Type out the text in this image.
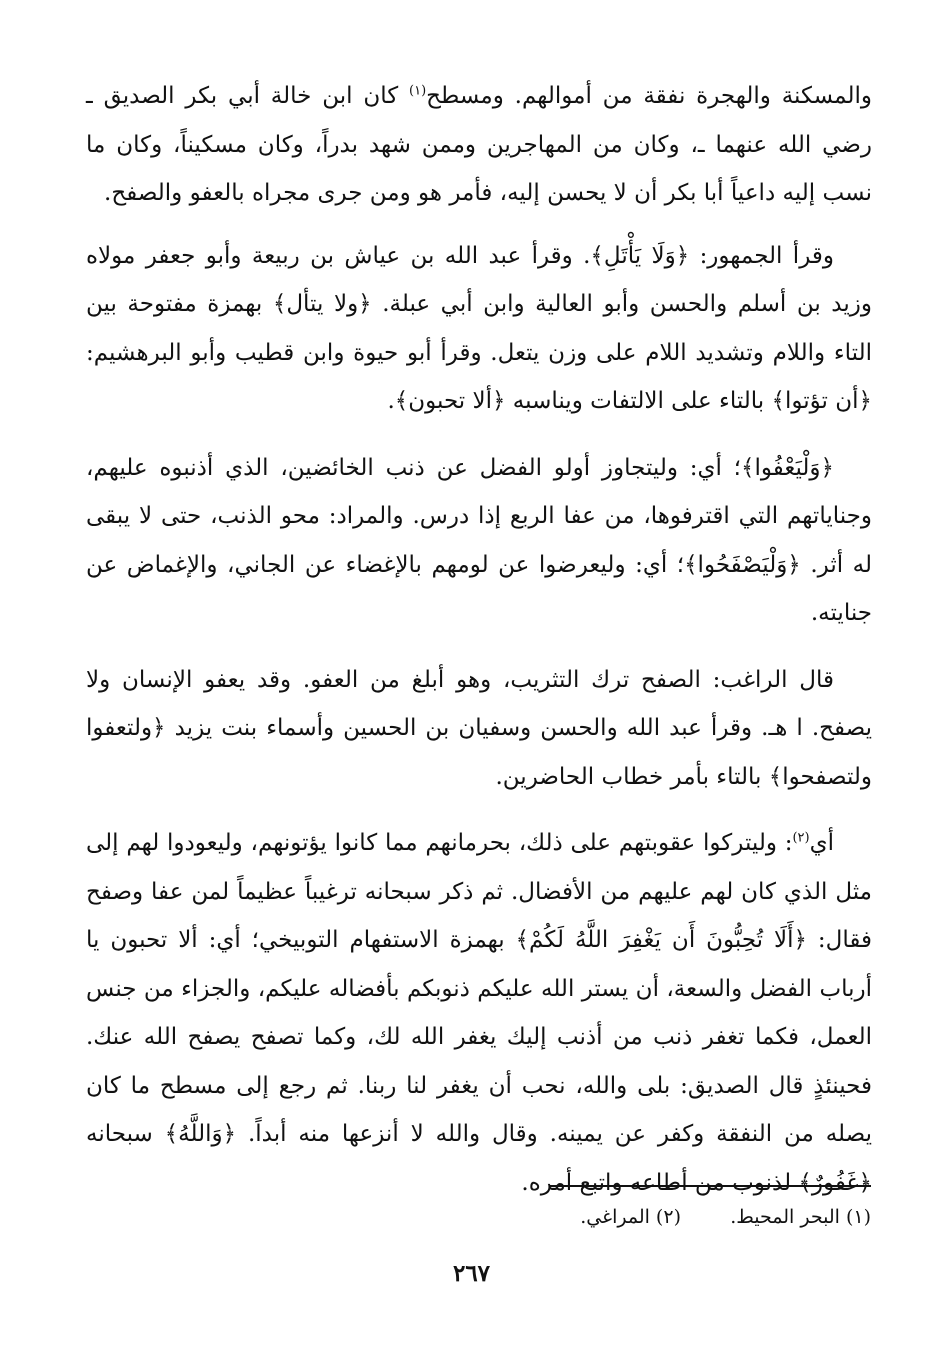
والمسكنة والهجرة نفقة من أموالهم. ومسطح$^{(١)}$ كان ابن خالة أبي بكر الصديق ـ رضي الله عنهما ـ، وكان من المهاجرين وممن شهد بدراً، وكان مسكيناً، وكان ما نسب إليه داعياً أبا بكر أن لا يحسن إليه، فأمر هو ومن جرى مجراه بالعفو والصفح.

وقرأ الجمهور: ﴿وَلَا يَأْتَلِ﴾. وقرأ عبد الله بن عياش بن ربيعة وأبو جعفر مولاه وزيد بن أسلم والحسن وأبو العالية وابن أبي عبلة. ﴿ولا يتأل﴾ بهمزة مفتوحة بين التاء واللام وتشديد اللام على وزن يتعل. وقرأ أبو حيوة وابن قطيب وأبو البرهشيم: ﴿أن تؤتوا﴾ بالتاء على الالتفات ويناسبه ﴿ألا تحبون﴾.

﴿وَلْيَعْفُوا﴾؛ أي: وليتجاوز أولو الفضل عن ذنب الخائضين، الذي أذنبوه عليهم، وجناياتهم التي اقترفوها، من عفا الربع إذا درس. والمراد: محو الذنب، حتى لا يبقى له أثر. ﴿وَلْيَصْفَحُوا﴾؛ أي: وليعرضوا عن لومهم بالإغضاء عن الجاني، والإغماض عن جنايته.

قال الراغب: الصفح ترك التثريب، وهو أبلغ من العفو. وقد يعفو الإنسان ولا يصفح. ا هـ. وقرأ عبد الله والحسن وسفيان بن الحسين وأسماء بنت يزيد ﴿ولتعفوا ولتصفحوا﴾ بالتاء بأمر خطاب الحاضرين.

أي$^{(٢)}$: وليتركوا عقوبتهم على ذلك، بحرمانهم مما كانوا يؤتونهم، وليعودوا لهم إلى مثل الذي كان لهم عليهم من الأفضال. ثم ذكر سبحانه ترغيباً عظيماً لمن عفا وصفح فقال: ﴿أَلَا تُحِبُّونَ أَن يَغْفِرَ اللَّهُ لَكُمْ﴾ بهمزة الاستفهام التوبيخي؛ أي: ألا تحبون يا أرباب الفضل والسعة، أن يستر الله عليكم ذنوبكم بأفضاله عليكم، والجزاء من جنس العمل، فكما تغفر ذنب من أذنب إليك يغفر الله لك، وكما تصفح يصفح الله عنك. فحينئذٍ قال الصديق: بلى والله، نحب أن يغفر لنا ربنا. ثم رجع إلى مسطح ما كان يصله من النفقة وكفر عن يمينه. وقال والله لا أنزعها منه أبداً. ﴿وَاللَّهُ﴾ سبحانه ﴿غَفُورٌ﴾ لذنوب من أطاعه واتبع أمره.

(١) البحر المحيط.
(٢) المراغي.
٢٦٧
